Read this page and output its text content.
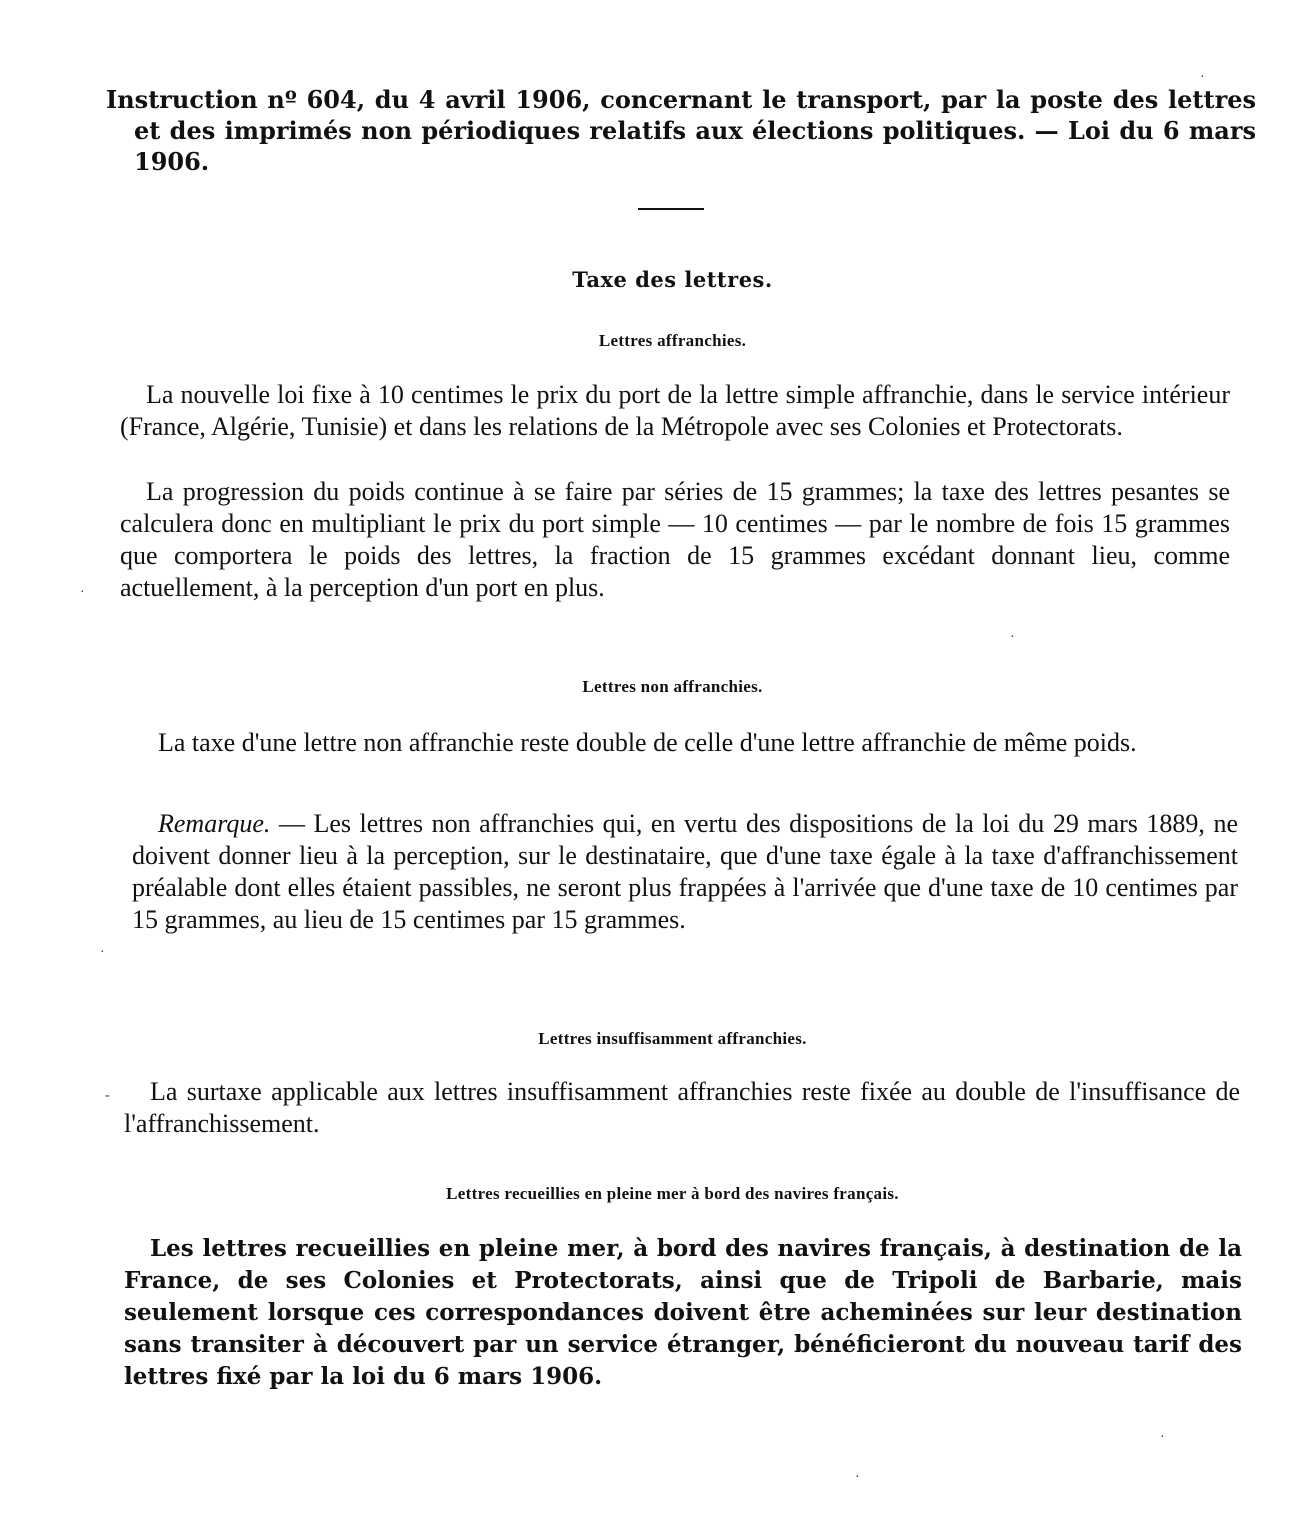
Instruction nº 604, du 4 avril 1906, concernant le transport, par la poste des lettres et des imprimés non périodiques relatifs aux élections politiques. — Loi du 6 mars 1906.

Taxe des lettres.
Lettres affranchies.

La nouvelle loi fixe à 10 centimes le prix du port de la lettre simple affranchie, dans le service intérieur (France, Algérie, Tunisie) et dans les relations de la Métropole avec ses Colonies et Protectorats.

La progression du poids continue à se faire par séries de 15 grammes; la taxe des lettres pesantes se calculera donc en multipliant le prix du port simple — 10 centimes — par le nombre de fois 15 grammes que comportera le poids des lettres, la fraction de 15 grammes excédant donnant lieu, comme actuellement, à la perception d'un port en plus.

Lettres non affranchies.

La taxe d'une lettre non affranchie reste double de celle d'une lettre affranchie de même poids.

Remarque. — Les lettres non affranchies qui, en vertu des dispositions de la loi du 29 mars 1889, ne doivent donner lieu à la perception, sur le destinataire, que d'une taxe égale à la taxe d'affranchissement préalable dont elles étaient passibles, ne seront plus frappées à l'arrivée que d'une taxe de 10 centimes par 15 grammes, au lieu de 15 centimes par 15 grammes.

Lettres insuffisamment affranchies.

La surtaxe applicable aux lettres insuffisamment affranchies reste fixée au double de l'insuffisance de l'affranchissement.

Lettres recueillies en pleine mer à bord des navires français.

Les lettres recueillies en pleine mer, à bord des navires français, à destination de la France, de ses Colonies et Protectorats, ainsi que de Tripoli de Barbarie, mais seulement lorsque ces correspondances doivent être acheminées sur leur destination sans transiter à découvert par un service étranger, bénéficieront du nouveau tarif des lettres fixé par la loi du 6 mars 1906.

·
·
·
-
·
·
·
